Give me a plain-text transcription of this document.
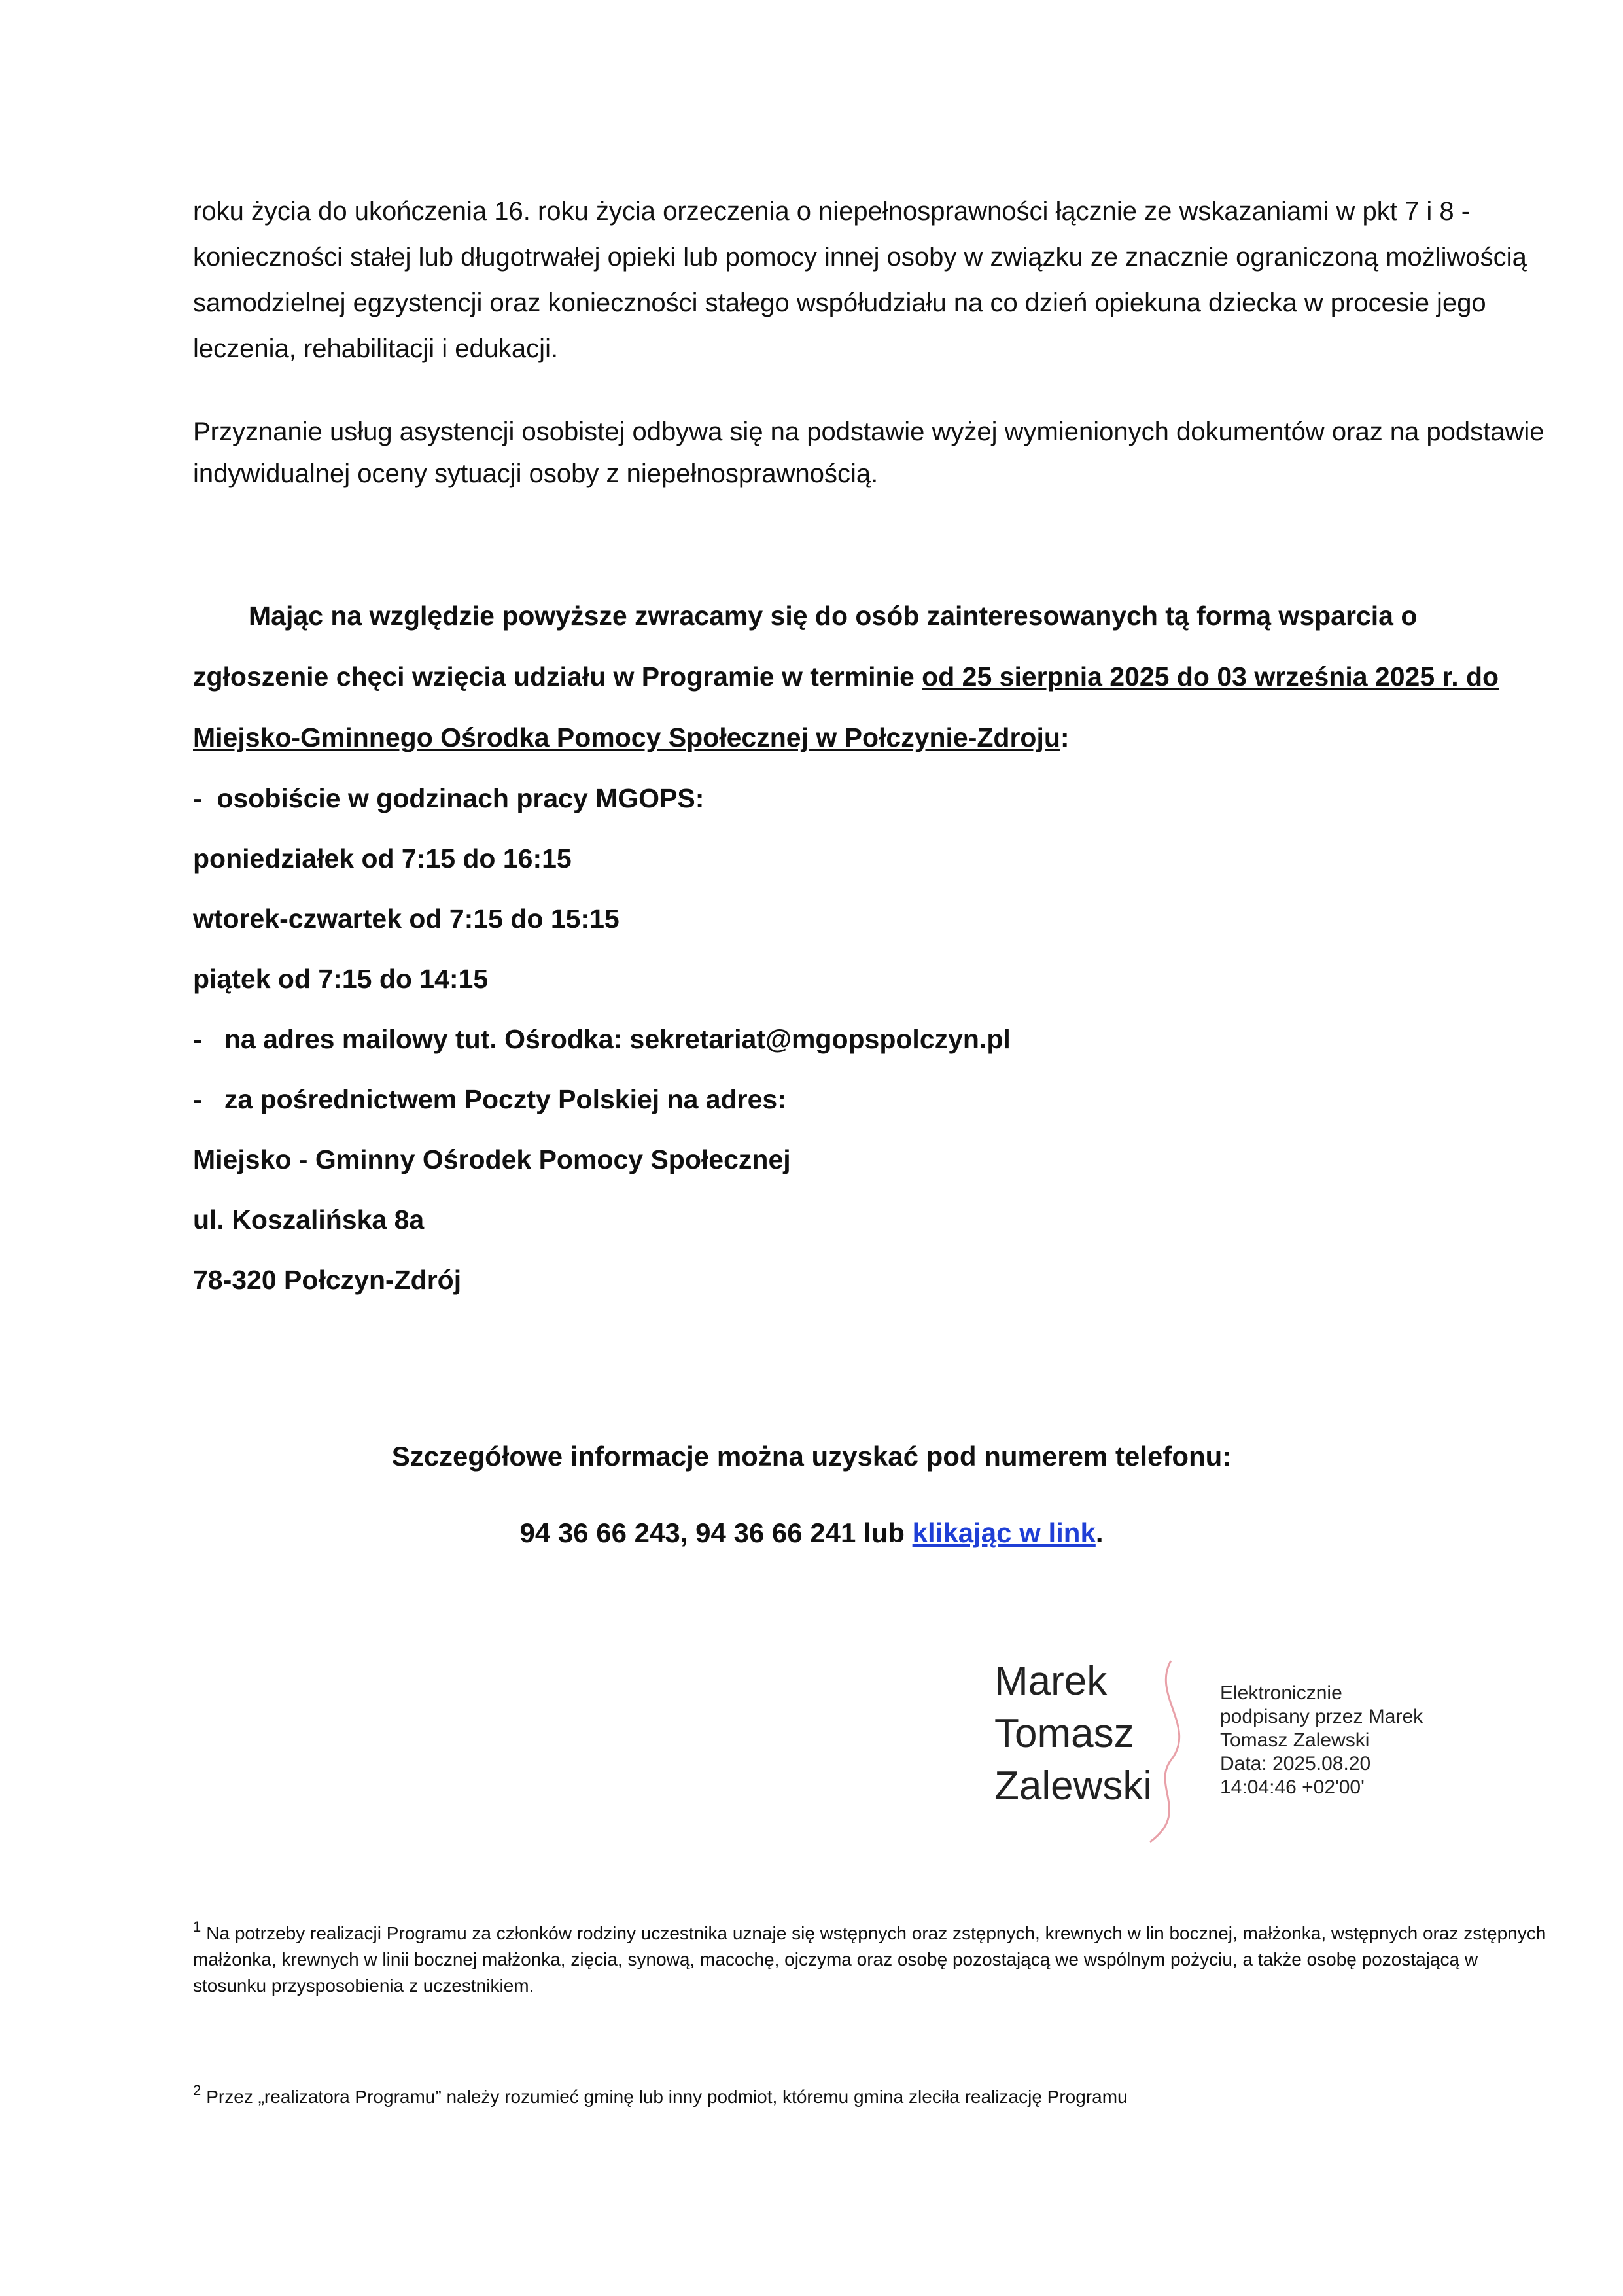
roku życia do ukończenia 16. roku życia orzeczenia o niepełnosprawności łącznie ze wskazaniami w pkt 7 i 8 - konieczności stałej lub długotrwałej opieki lub pomocy innej osoby w związku ze znacznie ograniczoną możliwością samodzielnej egzystencji oraz konieczności stałego współudziału na co dzień opiekuna dziecka w procesie jego leczenia, rehabilitacji i edukacji.

Przyznanie usług asystencji osobistej odbywa się na podstawie wyżej wymienionych dokumentów oraz na podstawie indywidualnej oceny sytuacji osoby z niepełnosprawnością.

Mając na względzie powyższe zwracamy się do osób zainteresowanych tą formą wsparcia o zgłoszenie chęci wzięcia udziału w Programie w terminie od 25 sierpnia 2025 do 03 września 2025 r. do Miejsko-Gminnego Ośrodka Pomocy Społecznej w Połczynie-Zdroju:

-  osobiście w godzinach pracy MGOPS:

poniedziałek od 7:15 do 16:15

wtorek-czwartek od 7:15 do 15:15

piątek od 7:15 do 14:15

-   na adres mailowy tut. Ośrodka: sekretariat@mgopspolczyn.pl

-   za pośrednictwem Poczty Polskiej na adres:

Miejsko - Gminny Ośrodek Pomocy Społecznej

ul. Koszalińska 8a

78-320 Połczyn-Zdrój

Szczegółowe informacje można uzyskać pod numerem telefonu:

94 36 66 243, 94 36 66 241 lub klikając w link.

Marek
Tomasz
Zalewski
Elektronicznie
podpisany przez Marek
Tomasz Zalewski
Data: 2025.08.20
14:04:46 +02'00'

$^1$ Na potrzeby realizacji Programu za członków rodziny uczestnika uznaje się wstępnych oraz zstępnych, krewnych w lin bocznej, małżonka, wstępnych oraz zstępnych małżonka, krewnych w linii bocznej małżonka, zięcia, synową, macochę, ojczyma oraz osobę pozostającą we wspólnym pożyciu, a także osobę pozostającą w stosunku przysposobienia z uczestnikiem.

$^2$ Przez „realizatora Programu” należy rozumieć gminę lub inny podmiot, któremu gmina zleciła realizację Programu
